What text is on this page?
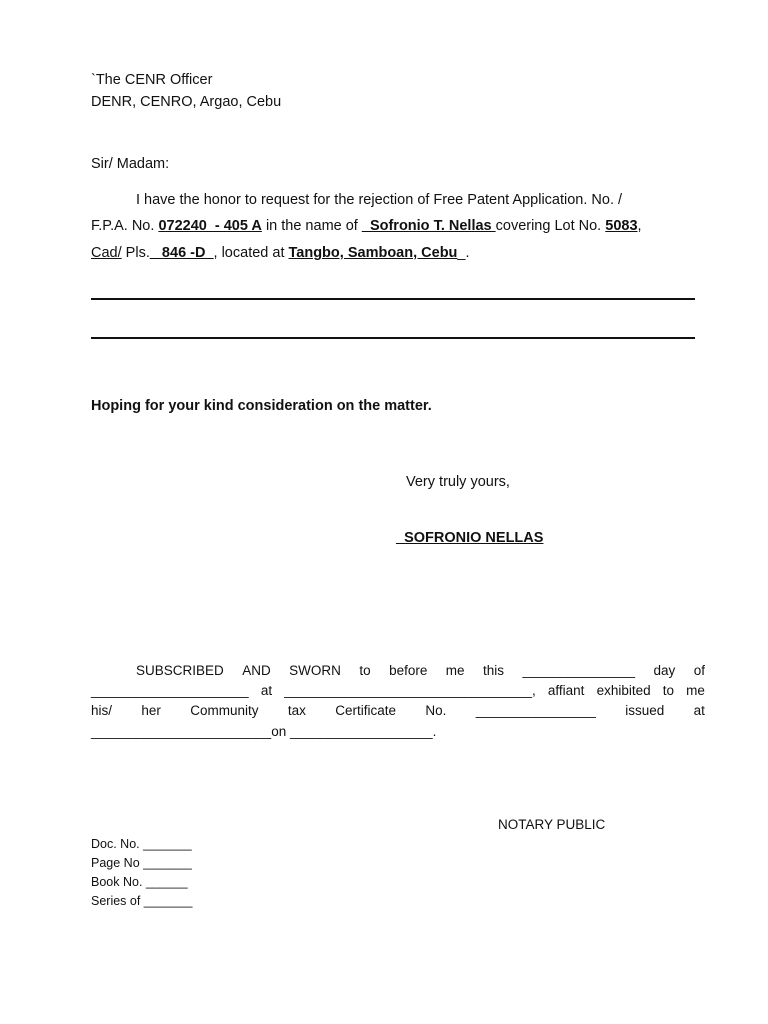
`The CENR Officer
DENR, CENRO, Argao, Cebu
Sir/ Madam:
I have the honor to request for the rejection of Free Patent Application. No. /
F.P.A. No. 072240  - 405 A in the name of _Sofronio T. Nellas covering Lot No. 5083,
Cad/ Pls._ 846 -D_, located at Tangbo, Samboan, Cebu_.
Hoping for your kind consideration on the matter.
Very truly yours,
_SOFRONIO NELLAS
SUBSCRIBED AND SWORN to before me this _______________ day of
_____________________ at _________________________________, affiant exhibited to me
his/ her Community tax Certificate No. ________________ issued at
________________________on ___________________.
NOTARY PUBLIC
Doc. No. _______
Page No _______
Book No. ______
Series of _______
